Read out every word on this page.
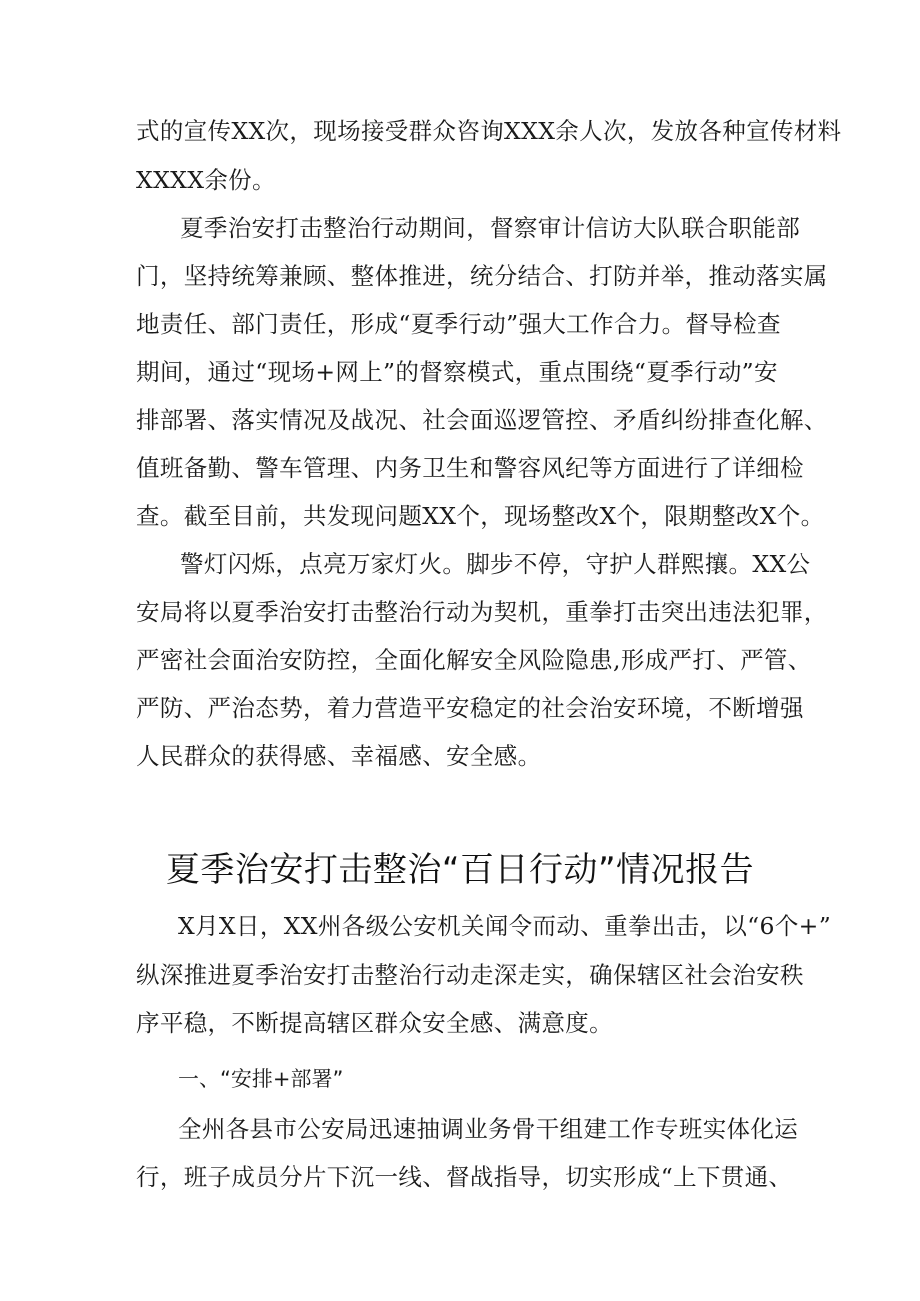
式的宣传XX次，现场接受群众咨询XXX余人次，发放各种宣传材料
XXXX余份。
夏季治安打击整治行动期间，督察审计信访大队联合职能部
门，坚持统筹兼顾、整体推进，统分结合、打防并举，推动落实属
地责任、部门责任，形成“夏季行动”强大工作合力。督导检查
期间，通过“现场+网上”的督察模式，重点围绕“夏季行动”安
排部署、落实情况及战况、社会面巡逻管控、矛盾纠纷排查化解、
值班备勤、警车管理、内务卫生和警容风纪等方面进行了详细检
查。截至目前，共发现问题XX个，现场整改X个，限期整改X个。
警灯闪烁，点亮万家灯火。脚步不停，守护人群熙攘。XX公
安局将以夏季治安打击整治行动为契机，重拳打击突出违法犯罪，
严密社会面治安防控，全面化解安全风险隐患,形成严打、严管、
严防、严治态势，着力营造平安稳定的社会治安环境，不断增强
人民群众的获得感、幸福感、安全感。
夏季治安打击整治“百日行动”情况报告
X月X日，XX州各级公安机关闻令而动、重拳出击，以“6个+”
纵深推进夏季治安打击整治行动走深走实，确保辖区社会治安秩
序平稳，不断提高辖区群众安全感、满意度。
一、“安排+部署”
全州各县市公安局迅速抽调业务骨干组建工作专班实体化运
行，班子成员分片下沉一线、督战指导，切实形成“上下贯通、
